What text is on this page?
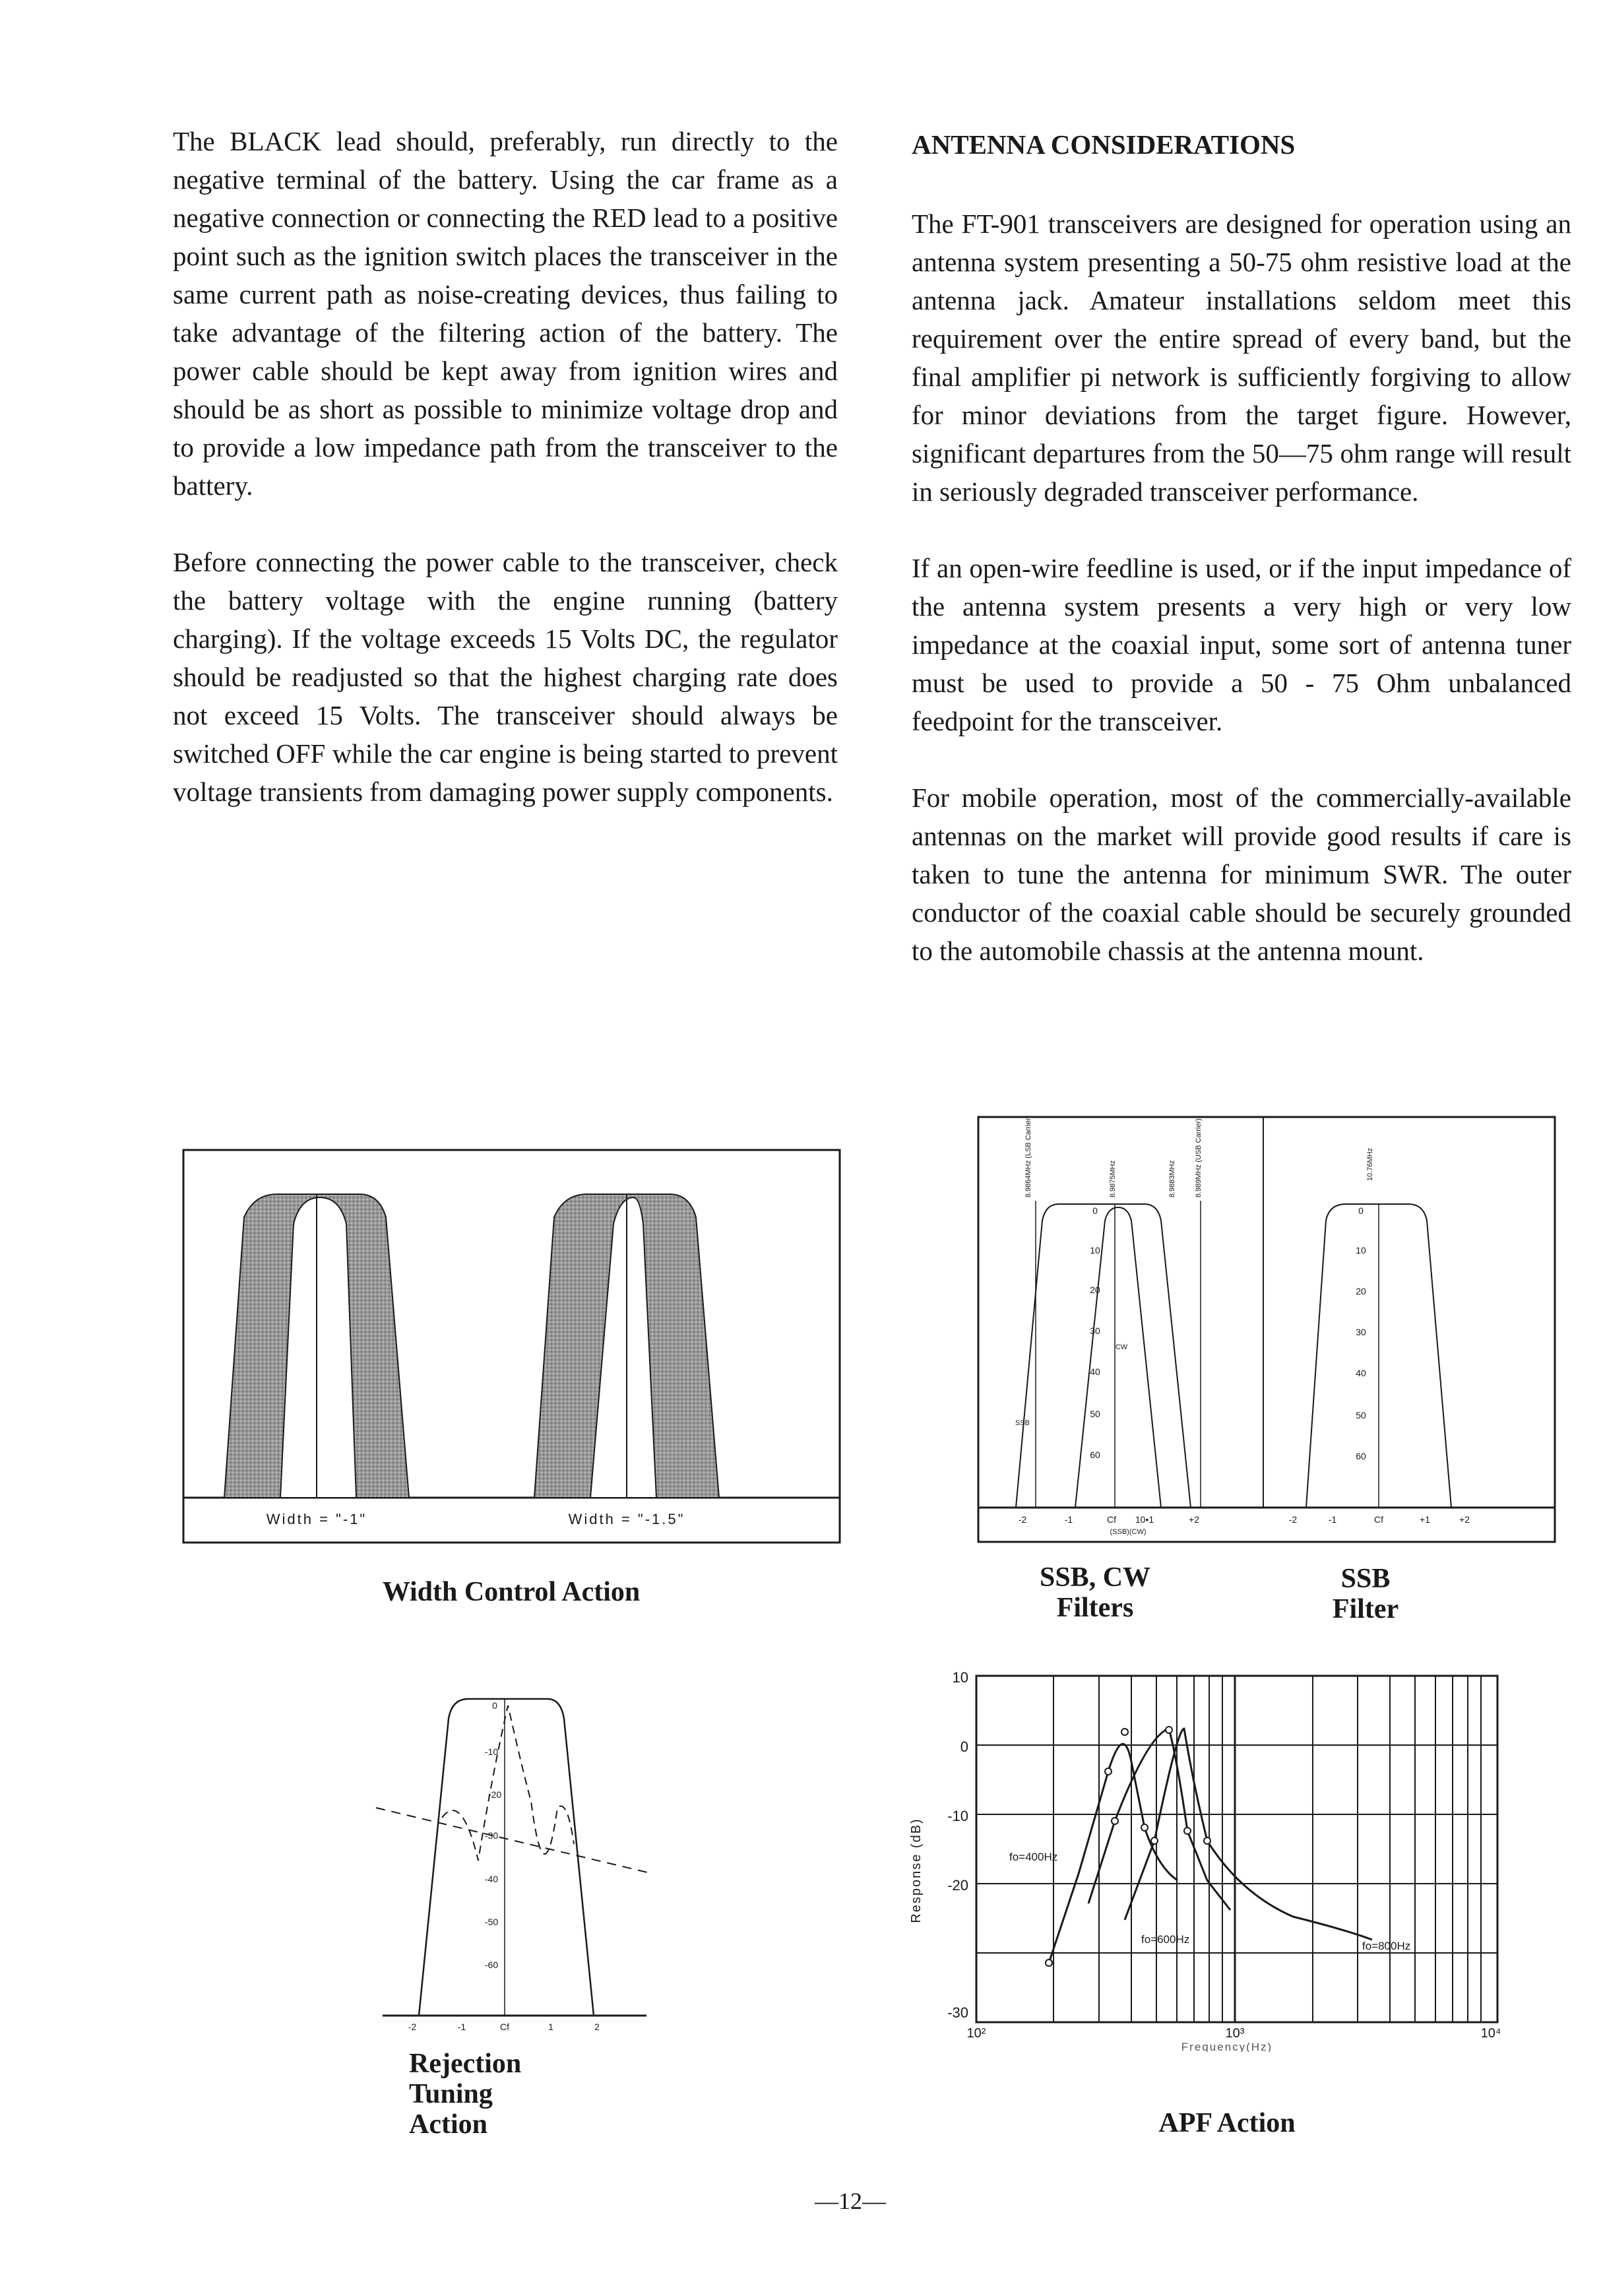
The BLACK lead should, preferably, run directly to the negative terminal of the battery. Using the car frame as a negative connection or connecting the RED lead to a positive point such as the ignition switch places the transceiver in the same current path as noise-creating devices, thus failing to take advantage of the filtering action of the battery. The power cable should be kept away from ignition wires and should be as short as possible to minimize voltage drop and to provide a low impedance path from the transceiver to the battery.

Before connecting the power cable to the transceiver, check the battery voltage with the engine running (battery charging). If the voltage exceeds 15 Volts DC, the regulator should be readjusted so that the highest charging rate does not exceed 15 Volts. The transceiver should always be switched OFF while the car engine is being started to prevent voltage transients from damaging power supply components.

ANTENNA CONSIDERATIONS

The FT-901 transceivers are designed for operation using an antenna system presenting a 50-75 ohm resistive load at the antenna jack. Amateur installations seldom meet this requirement over the entire spread of every band, but the final amplifier pi network is sufficiently forgiving to allow for minor deviations from the target figure. However, significant departures from the 50—75 ohm range will result in seriously degraded transceiver performance.

If an open-wire feedline is used, or if the input impedance of the antenna system presents a very high or very low impedance at the coaxial input, some sort of antenna tuner must be used to provide a 50 - 75 Ohm unbalanced feedpoint for the transceiver.

For mobile operation, most of the commercially-available antennas on the market will provide good results if care is taken to tune the antenna for minimum SWR. The outer conductor of the coaxial cable should be securely grounded to the automobile chassis at the antenna mount.

Width = "-1"	Width = "-1.5"
Width Control Action
8.9864MHz (LSB Carrier)	8.9875MHz	8.9883MHz	8.989MHz (USB Carrier)	10.76MHz
0
10
20
30
40
50
60
SSB
CW
-2	-1	Cf 10•1	+2
(SSB)(CW)
0
10
20
30
40
50
60
-2	-1	Cf	+1	+2
SSB, CW
Filters
SSB
Filter
0
-10
-20
-30
-40
-50
-60
-2	-1	Cf	1	2
Rejection
Tuning
Action
10
0
-10
-20
-30
10²	10³	10⁴
Response (dB)
Frequency(Hz)
fo=400Hz
fo=600Hz
fo=800Hz
APF Action
—12—
